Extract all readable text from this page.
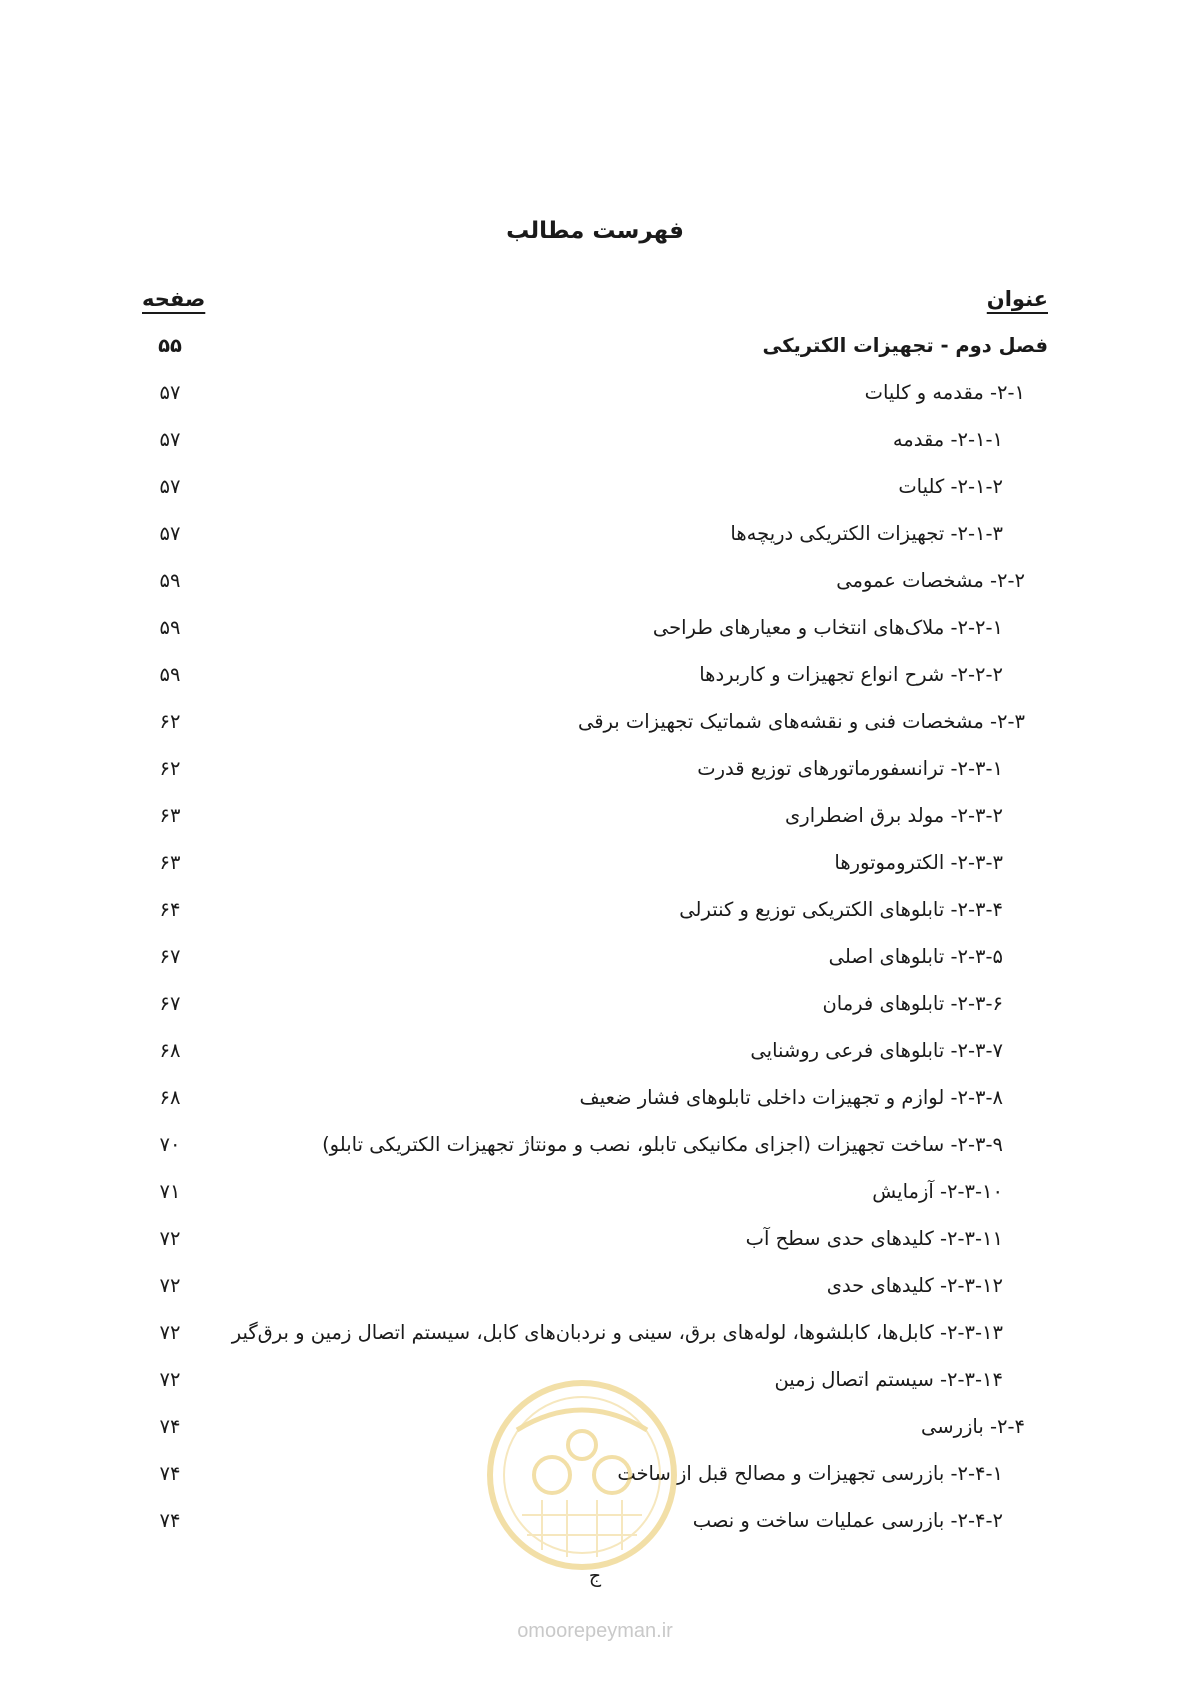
فهرست مطالب
عنوان
صفحه
فصل دوم - تجهیزات الکتریکی
۵۵
۲-۱- مقدمه و کلیات
۵۷
۲-۱-۱- مقدمه
۵۷
۲-۱-۲- کلیات
۵۷
۲-۱-۳- تجهیزات الکتریکی دریچه‌ها
۵۷
۲-۲- مشخصات عمومی
۵۹
۲-۲-۱- ملاک‌های انتخاب و معیارهای طراحی
۵۹
۲-۲-۲- شرح انواع تجهیزات و کاربردها
۵۹
۲-۳- مشخصات فنی و نقشه‌های شماتیک تجهیزات برقی
۶۲
۲-۳-۱- ترانسفورماتورهای توزیع قدرت
۶۲
۲-۳-۲- مولد برق اضطراری
۶۳
۲-۳-۳- الکتروموتورها
۶۳
۲-۳-۴- تابلوهای الکتریکی توزیع و کنترلی
۶۴
۲-۳-۵- تابلوهای اصلی
۶۷
۲-۳-۶- تابلوهای فرمان
۶۷
۲-۳-۷- تابلوهای فرعی روشنایی
۶۸
۲-۳-۸- لوازم و تجهیزات داخلی تابلوهای فشار ضعیف
۶۸
۲-۳-۹- ساخت تجهیزات (اجزای مکانیکی تابلو، نصب و مونتاژ تجهیزات الکتریکی تابلو)
۷۰
۲-۳-۱۰- آزمایش
۷۱
۲-۳-۱۱- کلیدهای حدی سطح آب
۷۲
۲-۳-۱۲- کلیدهای حدی
۷۲
۲-۳-۱۳- کابل‌ها، کابلشوها، لوله‌های برق، سینی و نردبان‌های کابل، سیستم اتصال زمین و برق‌گیر
۷۲
۲-۳-۱۴- سیستم اتصال زمین
۷۲
۲-۴- بازرسی
۷۴
۲-۴-۱- بازرسی تجهیزات و مصالح قبل از ساخت
۷۴
۲-۴-۲- بازرسی عملیات ساخت و نصب
۷۴
ج
omoorepeyman.ir
